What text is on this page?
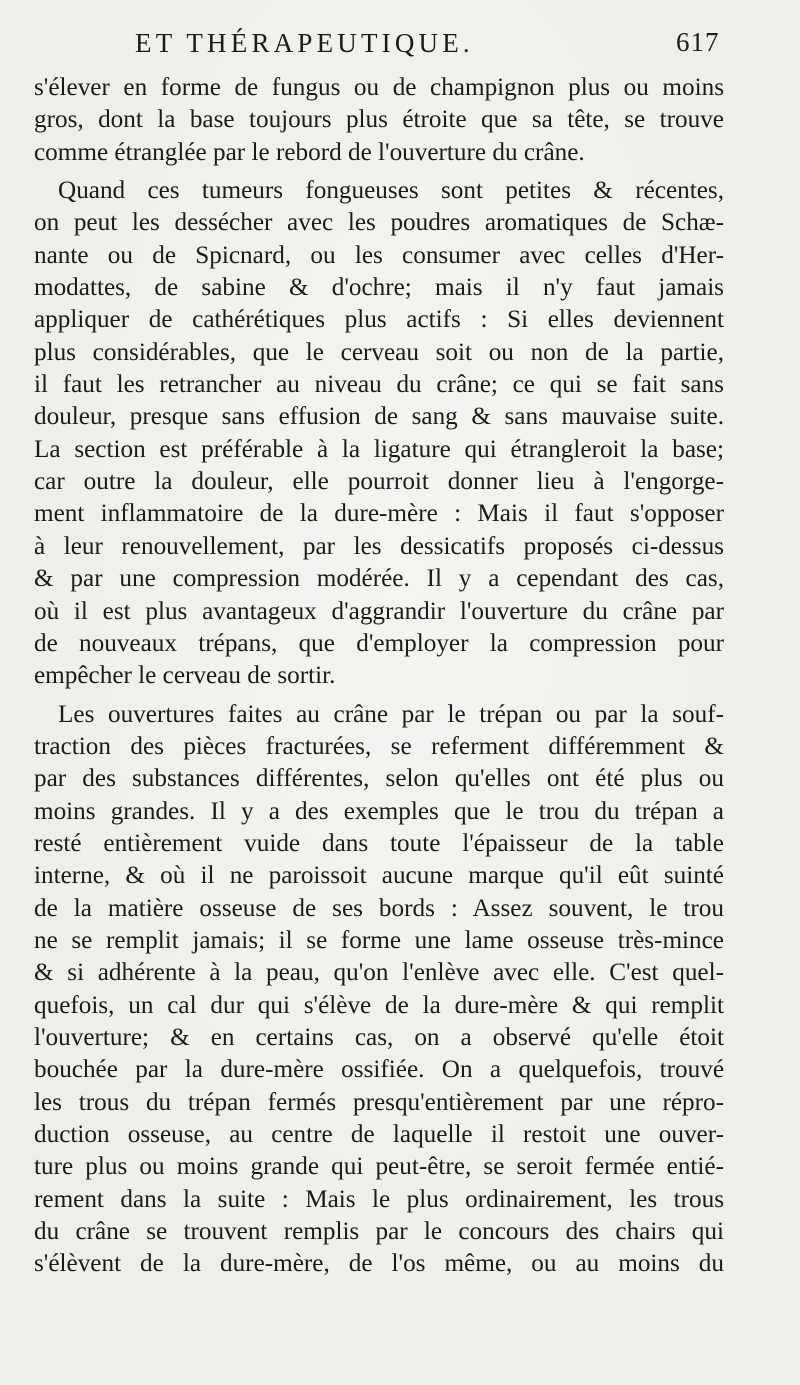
ET THÉRAPEUTIQUE.	617
s'élever en forme de fungus ou de champignon plus ou moins
gros, dont la base toujours plus étroite que sa tête, se trouve
comme étranglée par le rebord de l'ouverture du crâne.
Quand ces tumeurs fongueuses sont petites & récentes,
on peut les dessécher avec les poudres aromatiques de Schæ-
nante ou de Spicnard, ou les consumer avec celles d'Her-
modattes, de sabine & d'ochre; mais il n'y faut jamais
appliquer de cathérétiques plus actifs : Si elles deviennent
plus considérables, que le cerveau soit ou non de la partie,
il faut les retrancher au niveau du crâne; ce qui se fait sans
douleur, presque sans effusion de sang & sans mauvaise suite.
La section est préférable à la ligature qui étrangleroit la base;
car outre la douleur, elle pourroit donner lieu à l'engorge-
ment inflammatoire de la dure-mère : Mais il faut s'opposer
à leur renouvellement, par les dessicatifs proposés ci-dessus
& par une compression modérée. Il y a cependant des cas,
où il est plus avantageux d'aggrandir l'ouverture du crâne par
de nouveaux trépans, que d'employer la compression pour
empêcher le cerveau de sortir.
Les ouvertures faites au crâne par le trépan ou par la souf-
traction des pièces fracturées, se referment différemment &
par des substances différentes, selon qu'elles ont été plus ou
moins grandes. Il y a des exemples que le trou du trépan a
resté entièrement vuide dans toute l'épaisseur de la table
interne, & où il ne paroissoit aucune marque qu'il eût suinté
de la matière osseuse de ses bords : Assez souvent, le trou
ne se remplit jamais; il se forme une lame osseuse très-mince
& si adhérente à la peau, qu'on l'enlève avec elle. C'est quel-
quefois, un cal dur qui s'élève de la dure-mère & qui remplit
l'ouverture; & en certains cas, on a observé qu'elle étoit
bouchée par la dure-mère ossifiée. On a quelquefois, trouvé
les trous du trépan fermés presqu'entièrement par une répro-
duction osseuse, au centre de laquelle il restoit une ouver-
ture plus ou moins grande qui peut-être, se seroit fermée entié-
rement dans la suite : Mais le plus ordinairement, les trous
du crâne se trouvent remplis par le concours des chairs qui
s'élèvent de la dure-mère, de l'os même, ou au moins du
